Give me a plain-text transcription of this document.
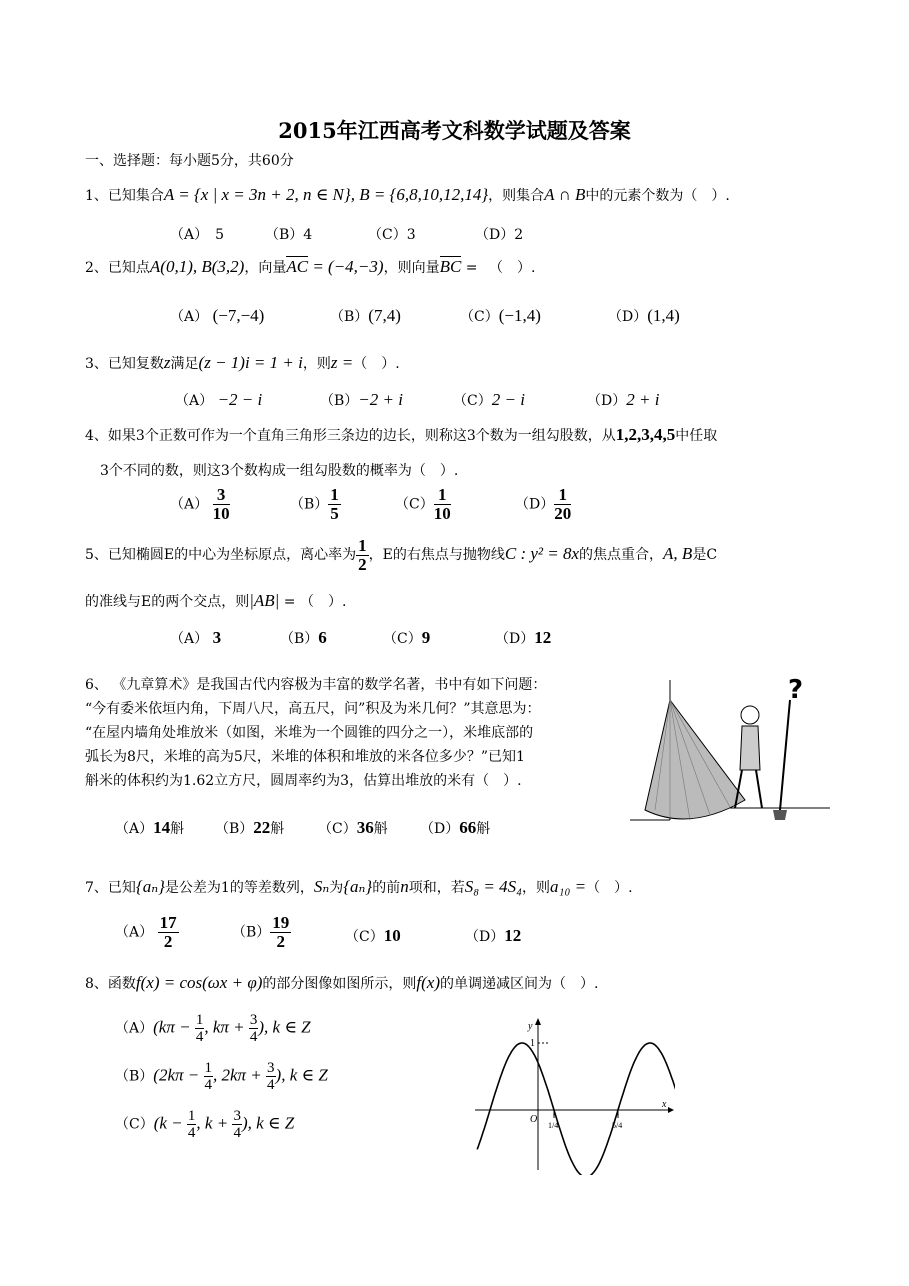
2015年江西高考文科数学试题及答案
一、选择题：每小题5分，共60分
1、已知集合A = {x | x = 3n + 2, n ∈ N}, B = {6,8,10,12,14}，则集合A ∩ B中的元素个数为（　）.
（A）　5	（B）4	（C）3	（D）2
2、已知点A(0,1), B(3,2)，向量AC = (−4,−3)，则向量BC = 　（　）.
（A） (−7,−4)	（B）(7,4)	（C）(−1,4)	（D）(1,4)
3、已知复数z满足(z − 1)i = 1 + i，则z =（　）.
（A） −2 − i	（B）−2 + i	（C）2 − i	（D）2 + i
4、如果3个正数可作为一个直角三角形三条边的边长，则称这3个数为一组勾股数，从1,2,3,4,5中任取
3个不同的数，则这3个数构成一组勾股数的概率为（　）.
$(A) \frac{3}{10}$	$(B) \frac{1}{5}$	$(C) \frac{1}{10}$	$(D) \frac{1}{20}$
5、已知椭圆E的中心为坐标原点，离心率为 $\frac{1}{2}$ ，E的右焦点与抛物线C : y² = 8x的焦点重合，A, B是C
的准线与E的两个交点，则|AB| = （　）.
（A） 3	（B）6	（C）9	（D）12
6、 《九章算术》是我国古代内容极为丰富的数学名著，书中有如下问题：
“今有委米依垣内角，下周八尺，高五尺，问”积及为米几何？”其意思为：
“在屋内墙角处堆放米（如图，米堆为一个圆锥的四分之一），米堆底部的
弧长为8尺，米堆的高为5尺，米堆的体积和堆放的米各位多少？”已知1
斛米的体积约为1.62立方尺，圆周率约为3，估算出堆放的米有（　）.
?
（A）14斛 （B）22斛 （C）36斛 （D）66斛
7、已知{aₙ}是公差为1的等差数列，Sₙ为{aₙ}的前n项和，若S₈ = 4S₄，则a₁₀ =（　）.
$(A) \frac{17}{2}$	$(B) \frac{19}{2}$	（C）10	（D）12
8、函数f(x) = cos(ωx + φ)的部分图像如图所示，则f(x)的单调递减区间为（　）.
$(A)(k\pi - \frac{1}{4}$ , $k\pi + \frac{3}{4}$ ), k ∈ Z
$(B)(2k\pi - \frac{1}{4}$ , $2k\pi + \frac{3}{4}$ ), k ∈ Z
$(C)(k - \frac{1}{4}$ , $k + \frac{3}{4}$ ), k ∈ Z
y
x
O
1
1/4	5/4
